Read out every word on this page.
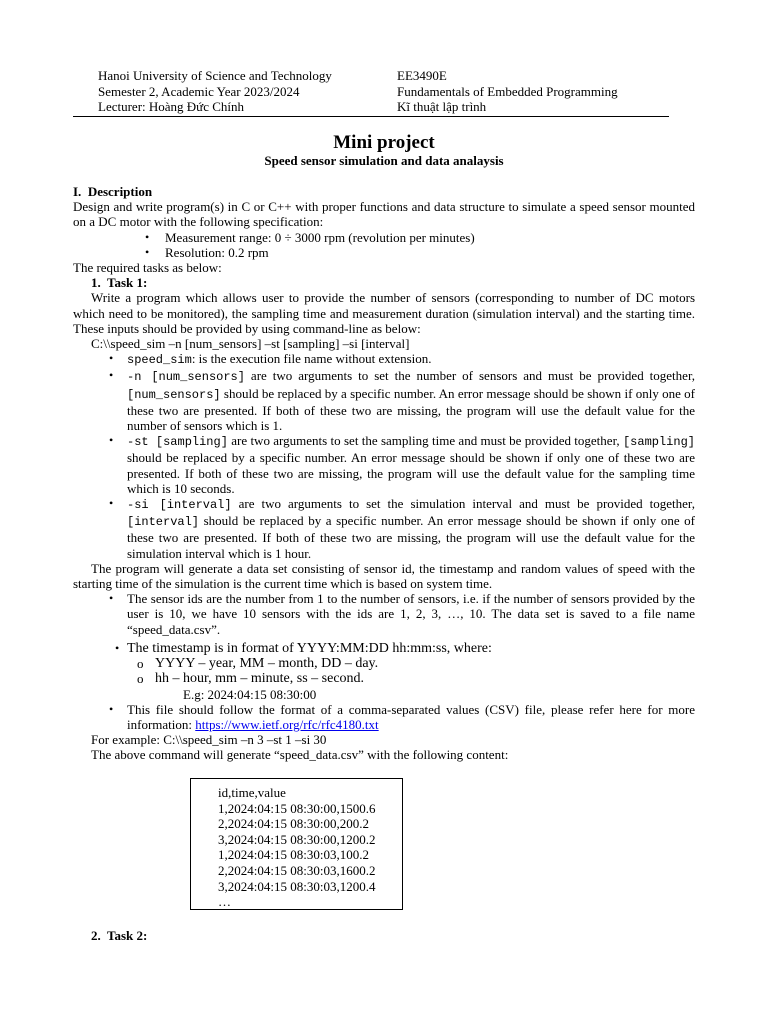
Hanoi University of Science and Technology
Semester 2, Academic Year 2023/2024
Lecturer: Hoàng Đức Chính
EE3490E
Fundamentals of Embedded Programming
Kĩ thuật lập trình
Mini project
Speed sensor simulation and data analaysis
I. Description
Design and write program(s) in C or C++ with proper functions and data structure to simulate a speed sensor mounted on a DC motor with the following specification:
• Measurement range: 0 ÷ 3000 rpm (revolution per minutes)
• Resolution: 0.2 rpm
The required tasks as below:
1. Task 1:
Write a program which allows user to provide the number of sensors (corresponding to number of DC motors which need to be monitored), the sampling time and measurement duration (simulation interval) and the starting time. These inputs should be provided by using command-line as below:
C:\\speed_sim –n [num_sensors] –st [sampling] –si [interval]
• speed_sim: is the execution file name without extension.
• -n [num_sensors] are two arguments to set the number of sensors and must be provided together, [num_sensors] should be replaced by a specific number. An error message should be shown if only one of these two are presented. If both of these two are missing, the program will use the default value for the number of sensors which is 1.
• -st [sampling] are two arguments to set the sampling time and must be provided together, [sampling] should be replaced by a specific number. An error message should be shown if only one of these two are presented. If both of these two are missing, the program will use the default value for the sampling time which is 10 seconds.
• -si [interval] are two arguments to set the simulation interval and must be provided together, [interval] should be replaced by a specific number. An error message should be shown if only one of these two are presented. If both of these two are missing, the program will use the default value for the simulation interval which is 1 hour.
The program will generate a data set consisting of sensor id, the timestamp and random values of speed with the starting time of the simulation is the current time which is based on system time.
• The sensor ids are the number from 1 to the number of sensors, i.e. if the number of sensors provided by the user is 10, we have 10 sensors with the ids are 1, 2, 3, …, 10. The data set is saved to a file name “speed_data.csv”.
• The timestamp is in format of YYYY:MM:DD hh:mm:ss, where:
o YYYY – year, MM – month, DD – day.
o hh – hour, mm – minute, ss – second.
E.g: 2024:04:15 08:30:00
• This file should follow the format of a comma-separated values (CSV) file, please refer here for more information: https://www.ietf.org/rfc/rfc4180.txt
For example: C:\\speed_sim –n 3 –st 1 –si 30
The above command will generate “speed_data.csv” with the following content:
id,time,value
1,2024:04:15 08:30:00,1500.6
2,2024:04:15 08:30:00,200.2
3,2024:04:15 08:30:00,1200.2
1,2024:04:15 08:30:03,100.2
2,2024:04:15 08:30:03,1600.2
3,2024:04:15 08:30:03,1200.4
…
2. Task 2:
